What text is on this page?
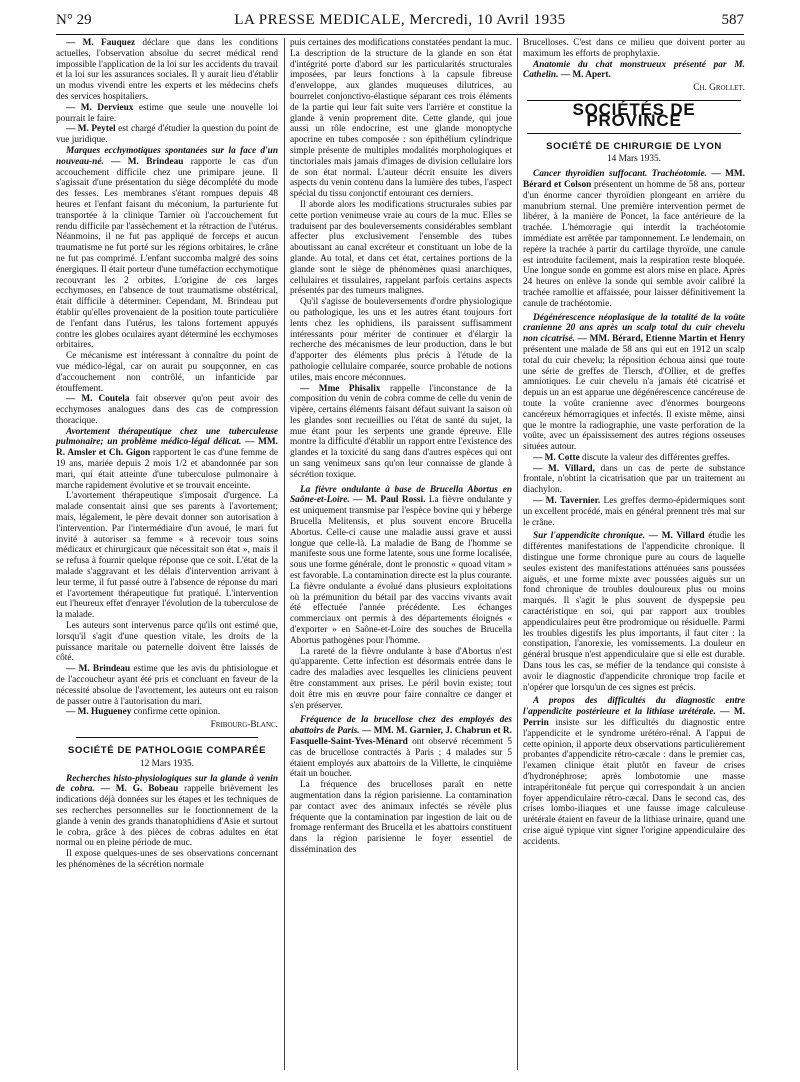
N° 29	LA PRESSE MEDICALE, Mercredi, 10 Avril 1935	587

— M. Fauquez déclare que dans les conditions actuelles, l'observation absolue du secret médical rend impossible l'application de la loi sur les accidents du travail et la loi sur les assurances sociales. Il y aurait lieu d'établir un modus vivendi entre les experts et les médecins chefs des services hospitaliers.

— M. Dervieux estime que seule une nouvelle loi pourrait le faire.

— M. Peytel est chargé d'étudier la question du point de vue juridique.

Marques ecchymotiques spontanées sur la face d'un nouveau-né. — M. Brindeau rapporte le cas d'un accouchement difficile chez une primipare jeune. Il s'agissait d'une présentation du siège décomplété du mode des fesses. Les membranes s'étant rompues depuis 48 heures et l'enfant faisant du méconium, la parturiente fut transportée à la clinique Tarnier où l'accouchement fut rendu difficile par l'assèchement et la rétraction de l'utérus. Néanmoins, il ne fut pas appliqué de forceps et aucun traumatisme ne fut porté sur les régions orbitaires, le crâne ne fut pas comprimé. L'enfant succomba malgré des soins énergiques. Il était porteur d'une tuméfaction ecchymotique recouvrant les 2 orbites. L'origine de ces larges ecchymoses, en l'absence de tout traumatisme obstétrical, était difficile à déterminer. Cependant, M. Brindeau put établir qu'elles provenaient de la position toute particulière de l'enfant dans l'utérus, les talons fortement appuyés contre les globes oculaires ayant déterminé les ecchymoses orbitaires.

Ce mécanisme est intéressant à connaître du point de vue médico-légal, car on aurait pu soupçonner, en cas d'accouchement non contrôlé, un infanticide par étouffement.

— M. Coutela fait observer qu'on peut avoir des ecchymoses analogues dans des cas de compression thoracique.

Avortement thérapeutique chez une tuberculeuse pulmonaire; un problème médico-légal délicat. — MM. R. Amsler et Ch. Gigon rapportent le cas d'une femme de 19 ans, mariée depuis 2 mois 1/2 et abandonnée par son mari, qui était atteinte d'une tuberculose pulmonaire à marche rapidement évolutive et se trouvait enceinte.

L'avortement thérapeutique s'imposait d'urgence. La malade consentait ainsi que ses parents à l'avortement; mais, légalement, le père devait donner son autorisation à l'intervention. Par l'intermédiaire d'un avoué, le mari fut invité à autoriser sa femme « à recevoir tous soins médicaux et chirurgicaux que nécessitait son état », mais il se refusa à fournir quelque réponse que ce soit. L'état de la malade s'aggravant et les délais d'intervention arrivant à leur terme, il fut passé outre à l'absence de réponse du mari et l'avortement thérapeutique fut pratiqué. L'intervention eut l'heureux effet d'enrayer l'évolution de la tuberculose de la malade.

Les auteurs sont intervenus parce qu'ils ont estimé que, lorsqu'il s'agit d'une question vitale, les droits de la puissance maritale ou paternelle doivent être laissés de côté.

— M. Brindeau estime que les avis du phtisiologue et de l'accoucheur ayant été pris et concluant en faveur de la nécessité absolue de l'avortement, les auteurs ont eu raison de passer outre à l'autorisation du mari.

— M. Hugueney confirme cette opinion.

Fribourg-Blanc.

SOCIÉTÉ DE PATHOLOGIE COMPARÉE

12 Mars 1935.

Recherches histo-physiologiques sur la glande à venin de cobra. — M. G. Bobeau rappelle brièvement les indications déjà données sur les étapes et les techniques de ses recherches personnelles sur le fonctionnement de la glande à venin des grands thanatophidiens d'Asie et surtout le cobra, grâce à des pièces de cobras adultes en état normal ou en pleine période de muc.

Il expose quelques-unes de ses observations concernant les phénomènes de la sécrétion normale

puis certaines des modifications constatées pendant la muc. La description de la structure de la glande en son état d'intégrité porte d'abord sur les particularités structurales imposées, par leurs fonctions à la capsule fibreuse d'enveloppe, aux glandes muqueuses dilutrices, au bourrelet conjonctivo-élastique séparant ces trois éléments de la partie qui leur fait suite vers l'arrière et constitue la glande à venin proprement dite. Cette glande, qui joue aussi un rôle endocrine, est une glande monoptyche apocrine en tubes composée : son épithélium cylindrique simple présente de multiples modalités morphologiques et tinctoriales mais jamais d'images de division cellulaire lors de son état normal. L'auteur décrit ensuite les divers aspects du venin contenu dans la lumière des tubes, l'aspect spécial du tissu conjonctif entourant ces derniers.

Il aborde alors les modifications structurales subies par cette portion venimeuse vraie au cours de la muc. Elles se traduisent par des bouleversements considérables semblant affecter plus exclusivement l'ensemble des tubes aboutissant au canal excréteur et constituant un lobe de la glande. Au total, et dans cet état, certaines portions de la glande sont le siège de phénomènes quasi anarchiques, cellulaires et tissulaires, rappelant parfois certains aspects présentés par des tumeurs malignes.

Qu'il s'agisse de bouleversements d'ordre physiologique ou pathologique, les uns et les autres étant toujours fort lents chez les ophidiens, ils paraissent suffisamment intéressants pour mériter de continuer et d'élargir la recherche des mécanismes de leur production, dans le but d'apporter des éléments plus précis à l'étude de la pathologie cellulaire comparée, source probable de notions utiles, mais encore méconnues.

— Mme Phisalix rappelle l'inconstance de la composition du venin de cobra comme de celle du venin de vipère, certains éléments faisant défaut suivant la saison où les glandes sont recueillies ou l'état de santé du sujet, la mue étant pour les serpents une grande épreuve. Elle montre la difficulté d'établir un rapport entre l'existence des glandes et la toxicité du sang dans d'autres espèces qui ont un sang venimeux sans qu'on leur connaisse de glande à sécrétion toxique.

La fièvre ondulante à base de Brucella Abortus en Saône-et-Loire. — M. Paul Rossi. La fièvre ondulante y est uniquement transmise par l'espèce bovine qui y héberge Brucella Melitensis, et plus souvent encore Brucella Abortus. Celle-ci cause une maladie aussi grave et aussi longue que celle-là. La maladie de Bang de l'homme se manifeste sous une forme latente, sous une forme localisée, sous une forme générale, dont le pronostic « quoad vitam » est favorable. La contamination directe est la plus courante. La fièvre ondulante a évolué dans plusieurs exploitations où la prémunition du bétail par des vaccins vivants avait été effectuée l'année précédente. Les échanges commerciaux ont permis à des départements éloignés « d'exporter » en Saône-et-Loire des souches de Brucella Abortus pathogènes pour l'homme.

La rareté de la fièvre ondulante à base d'Abortus n'est qu'apparente. Cette infection est désormais entrée dans le cadre des maladies avec lesquelles les cliniciens peuvent être constamment aux prises. Le péril bovin existe; tout doit être mis en œuvre pour faire connaître ce danger et s'en préserver.

Fréquence de la brucellose chez des employés des abattoirs de Paris. — MM. M. Garnier, J. Chabrun et R. Fasquelle-Saint-Yves-Ménard ont observé récemment 5 cas de brucellose contractés à Paris ; 4 malades sur 5 étaient employés aux abattoirs de la Villette, le cinquième était un boucher.

La fréquence des brucelloses paraît en nette augmentation dans la région parisienne. La contamination par contact avec des animaux infectés se révèle plus fréquente que la contamination par ingestion de lait ou de fromage renfermant des Brucella et les abattoirs constituent dans la région parisienne le foyer essentiel de dissémination des

Brucelloses. C'est dans ce milieu que doivent porter au maximum les efforts de prophylaxie.

Anatomie du chat monstrueux présenté par M. Cathelin. — M. Apert.

Ch. Grollet.

SOCIÉTÉS DE PROVINCE

SOCIÉTÉ DE CHIRURGIE DE LYON

14 Mars 1935.

Cancer thyroïdien suffocant. Trachéotomie. — MM. Bérard et Colson présentent un homme de 58 ans, porteur d'un énorme cancer thyroïdien plongeant en arrière du manubrium sternal. Une première intervention permet de libérer, à la manière de Poncet, la face antérieure de la trachée. L'hémorragie qui interdit la trachéotomie immédiate est arrêtée par tamponnement. Le lendemain, on repère la trachée à partir du cartilage thyroïde, une canule est introduite facilement, mais la respiration reste bloquée. Une longue sonde en gomme est alors mise en place. Après 24 heures on enlève la sonde qui semble avoir calibré la trachée ramollie et affaissée, pour laisser définitivement la canule de trachéotomie.

Dégénérescence néoplasique de la totalité de la voûte cranienne 20 ans après un scalp total du cuir chevelu non cicatrisé. — MM. Bérard, Etienne Martin et Henry présentent une malade de 58 ans qui eut en 1912 un scalp total du cuir chevelu; la réposition échoua ainsi que toute une série de greffes de Tiersch, d'Ollier, et de greffes amniotiques. Le cuir chevelu n'a jamais été cicatrisé et depuis un an est apparue une dégénérescence cancéreuse de toute la voûte cranienne avec d'énormes bourgeons cancéreux hémorragiques et infectés. Il existe même, ainsi que le montre la radiographie, une vaste perforation de la voûte, avec un épaississement des autres régions osseuses situées autour.

— M. Cotte discute la valeur des différentes greffes.

— M. Villard, dans un cas de perte de substance frontale, n'obtint la cicatrisation que par un traitement au diachylon.

— M. Tavernier. Les greffes dermo-épidermiques sont un excellent procédé, mais en général prennent très mal sur le crâne.

Sur l'appendicite chronique. — M. Villard étudie les différentes manifestations de l'appendicite chronique. Il distingue une forme chronique pure au cours de laquelle seules existent des manifestations atténuées sans poussées aiguës, et une forme mixte avec poussées aiguës sur un fond chronique de troubles douloureux plus ou moins marqués. Il s'agit le plus souvent de dyspepsie peu caractéristique en soi, qui par rapport aux troubles appendiculaires peut être prodromique ou résiduelle. Parmi les troubles digestifs les plus importants, il faut citer : la constipation, l'anorexie, les vomissements. La douleur en général brusque n'est appendiculaire que si elle est durable. Dans tous les cas, se méfier de la tendance qui consiste à avoir le diagnostic d'appendicite chronique trop facile et n'opérer que lorsqu'un de ces signes est précis.

A propos des difficultés du diagnostic entre l'appendicite postérieure et la lithiase urétérale. — M. Perrin insiste sur les difficultés du diagnostic entre l'appendicite et le syndrome urétéro-rénal. A l'appui de cette opinion, il apporte deux observations particulièrement probantes d'appendicite rétro-cæcale : dans le premier cas, l'examen clinique était plutôt en faveur de crises d'hydronéphrose; après lombotomie une masse intrapéritonéale fut perçue qui correspondait à un ancien foyer appendiculaire rétro-cæcal. Dans le second cas, des crises lombo-iliaques et une fausse image calculeuse urétérale étaient en faveur de la lithiase urinaire, quand une crise aiguë typique vint signer l'origine appendiculaire des accidents.
